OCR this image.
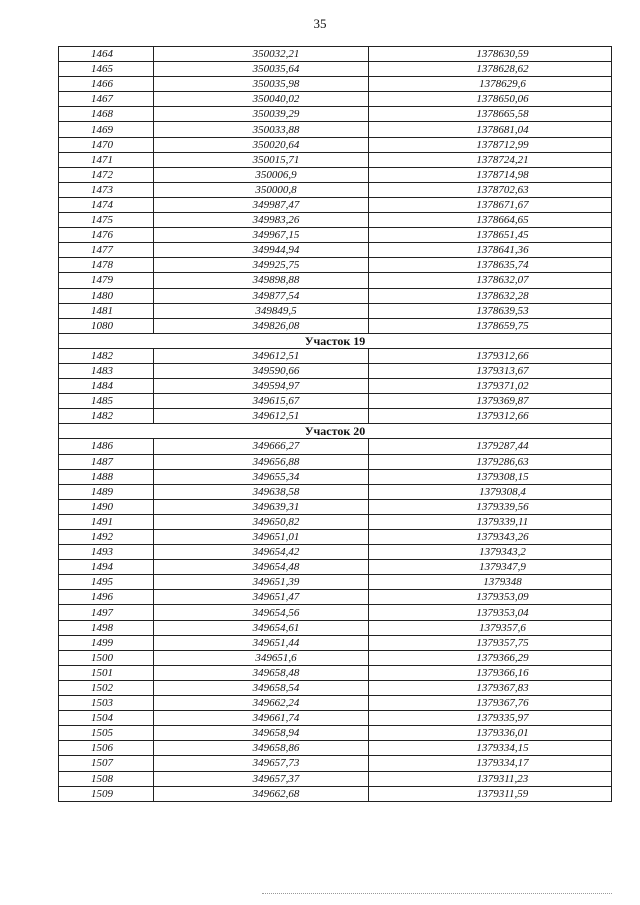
35
1464	350032,21	1378630,59
1465	350035,64	1378628,62
1466	350035,98	1378629,6
1467	350040,02	1378650,06
1468	350039,29	1378665,58
1469	350033,88	1378681,04
1470	350020,64	1378712,99
1471	350015,71	1378724,21
1472	350006,9	1378714,98
1473	350000,8	1378702,63
1474	349987,47	1378671,67
1475	349983,26	1378664,65
1476	349967,15	1378651,45
1477	349944,94	1378641,36
1478	349925,75	1378635,74
1479	349898,88	1378632,07
1480	349877,54	1378632,28
1481	349849,5	1378639,53
1080	349826,08	1378659,75
Участок 19		
1482	349612,51	1379312,66
1483	349590,66	1379313,67
1484	349594,97	1379371,02
1485	349615,67	1379369,87
1482	349612,51	1379312,66
Участок 20		
1486	349666,27	1379287,44
1487	349656,88	1379286,63
1488	349655,34	1379308,15
1489	349638,58	1379308,4
1490	349639,31	1379339,56
1491	349650,82	1379339,11
1492	349651,01	1379343,26
1493	349654,42	1379343,2
1494	349654,48	1379347,9
1495	349651,39	1379348
1496	349651,47	1379353,09
1497	349654,56	1379353,04
1498	349654,61	1379357,6
1499	349651,44	1379357,75
1500	349651,6	1379366,29
1501	349658,48	1379366,16
1502	349658,54	1379367,83
1503	349662,24	1379367,76
1504	349661,74	1379335,97
1505	349658,94	1379336,01
1506	349658,86	1379334,15
1507	349657,73	1379334,17
1508	349657,37	1379311,23
1509	349662,68	1379311,59
